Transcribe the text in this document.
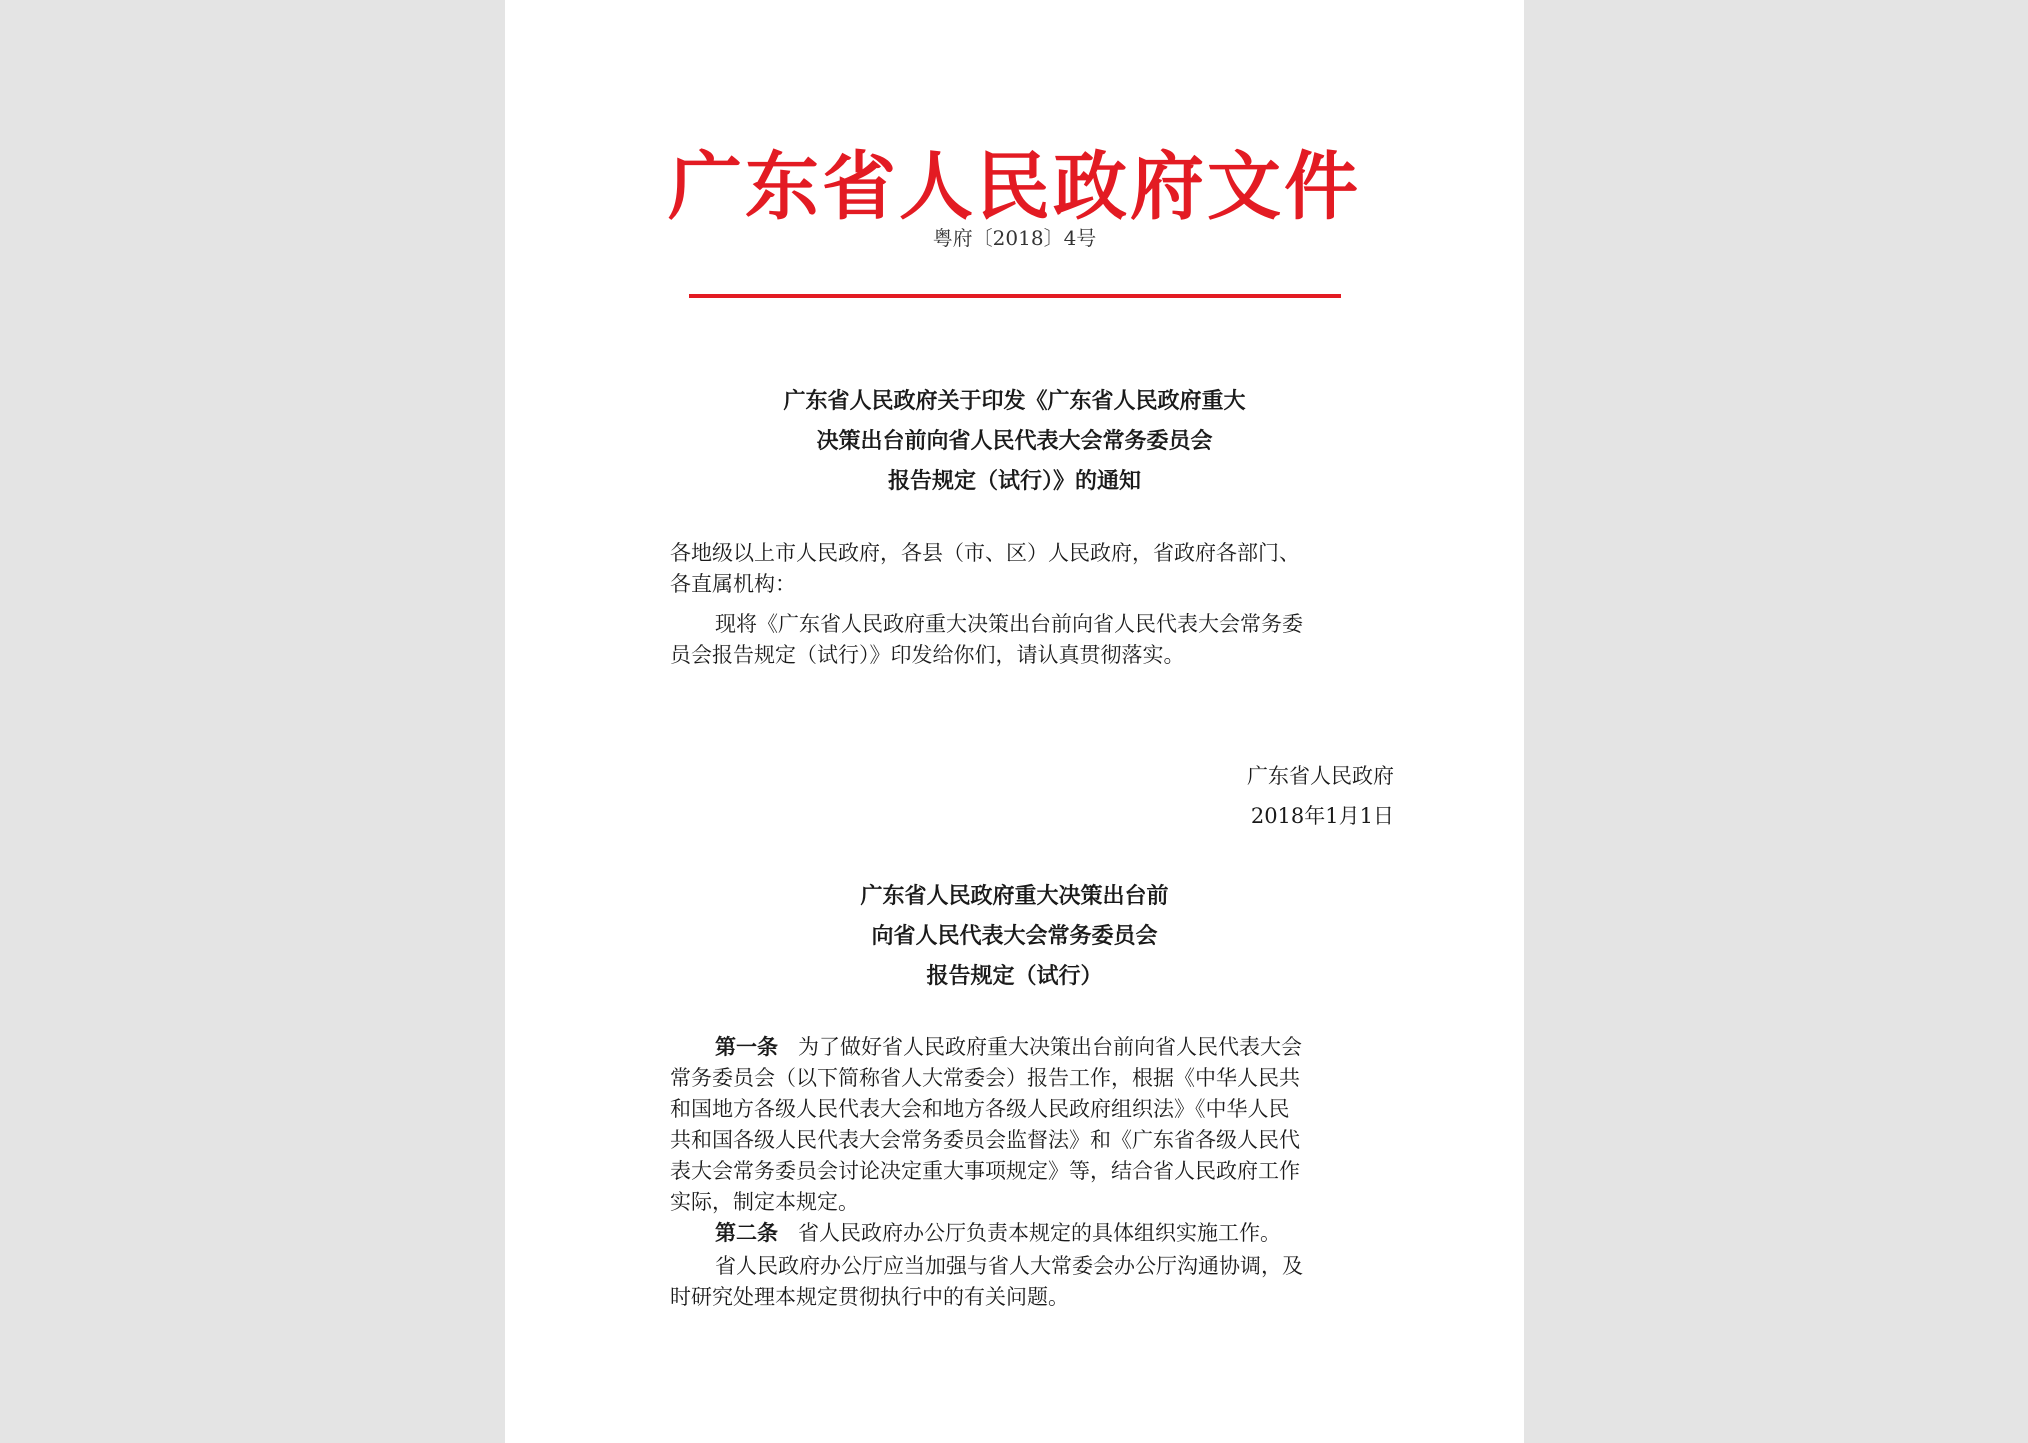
广东省人民政府文件
粤府〔2018〕4号
广东省人民政府关于印发《广东省人民政府重大
决策出台前向省人民代表大会常务委员会
报告规定（试行）》的通知
各地级以上市人民政府，各县（市、区）人民政府，省政府各部门、
各直属机构：
现将《广东省人民政府重大决策出台前向省人民代表大会常务委
员会报告规定（试行）》印发给你们，请认真贯彻落实。
广东省人民政府
2018年1月1日
广东省人民政府重大决策出台前
向省人民代表大会常务委员会
报告规定（试行）
第一条 为了做好省人民政府重大决策出台前向省人民代表大会
常务委员会（以下简称省人大常委会）报告工作，根据《中华人民共
和国地方各级人民代表大会和地方各级人民政府组织法》《中华人民
共和国各级人民代表大会常务委员会监督法》和《广东省各级人民代
表大会常务委员会讨论决定重大事项规定》等，结合省人民政府工作
实际，制定本规定。
第二条 省人民政府办公厅负责本规定的具体组织实施工作。
省人民政府办公厅应当加强与省人大常委会办公厅沟通协调，及
时研究处理本规定贯彻执行中的有关问题。
